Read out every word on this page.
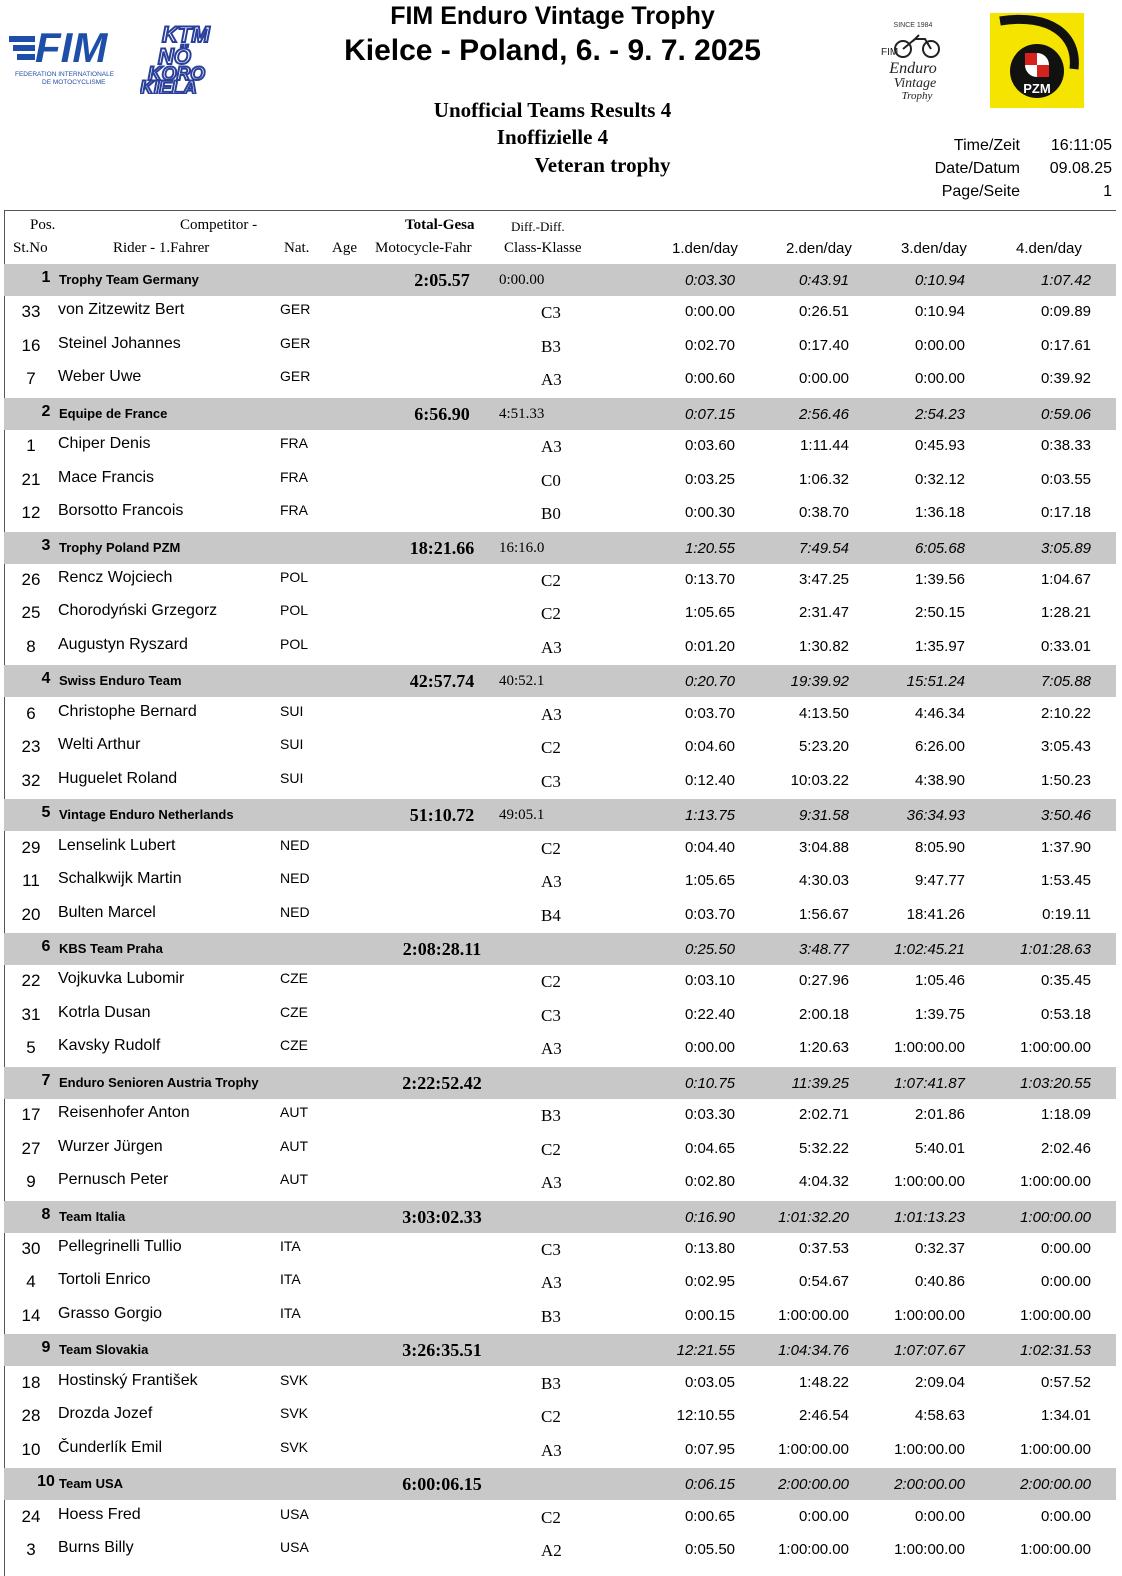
FIM
FEDERATION INTERNATIONALE
DE MOTOCYCLISME
KTM
NÖ
KORO
KIELA
SINCE 1984
FIM
Enduro
Vintage
Trophy	PZM
FIM Enduro Vintage Trophy
Kielce - Poland, 6. - 9. 7. 2025
Unofficial Teams Results 4
Inoffizielle 4
Veteran trophy
Time/Zeit	16:11:05
Date/Datum	09.08.25
Page/Seite	1
Pos.
St.No
Competitor -
Rider - 1.Fahrer	Nat. Age
Total-Gesa
Motocycle-Fahr
Diff.-Diff.
Class-Klasse	1.den/day	2.den/day	3.den/day	4.den/day
1 Trophy Team Germany	2:05.57	0:00.00	0:03.30	0:43.91	0:10.94	1:07.42
33	von Zitzewitz Bert	GER	C3	0:00.00	0:26.51	0:10.94	0:09.89
16	Steinel Johannes	GER	B3	0:02.70	0:17.40	0:00.00	0:17.61
7	Weber Uwe	GER	A3	0:00.60	0:00.00	0:00.00	0:39.92
2 Equipe de France	6:56.90	4:51.33	0:07.15	2:56.46	2:54.23	0:59.06
1	Chiper Denis	FRA	A3	0:03.60	1:11.44	0:45.93	0:38.33
21	Mace Francis	FRA	C0	0:03.25	1:06.32	0:32.12	0:03.55
12	Borsotto Francois	FRA	B0	0:00.30	0:38.70	1:36.18	0:17.18
3 Trophy Poland PZM	18:21.66	16:16.0	1:20.55	7:49.54	6:05.68	3:05.89
26	Rencz Wojciech	POL	C2	0:13.70	3:47.25	1:39.56	1:04.67
25	Chorodyński Grzegorz	POL	C2	1:05.65	2:31.47	2:50.15	1:28.21
8	Augustyn Ryszard	POL	A3	0:01.20	1:30.82	1:35.97	0:33.01
4 Swiss Enduro Team	42:57.74	40:52.1	0:20.70	19:39.92	15:51.24	7:05.88
6	Christophe Bernard	SUI	A3	0:03.70	4:13.50	4:46.34	2:10.22
23	Welti Arthur	SUI	C2	0:04.60	5:23.20	6:26.00	3:05.43
32	Huguelet Roland	SUI	C3	0:12.40	10:03.22	4:38.90	1:50.23
5 Vintage Enduro Netherlands	51:10.72	49:05.1	1:13.75	9:31.58	36:34.93	3:50.46
29	Lenselink Lubert	NED	C2	0:04.40	3:04.88	8:05.90	1:37.90
11	Schalkwijk Martin	NED	A3	1:05.65	4:30.03	9:47.77	1:53.45
20	Bulten Marcel	NED	B4	0:03.70	1:56.67	18:41.26	0:19.11
6 KBS Team Praha	2:08:28.11	0:25.50	3:48.77	1:02:45.21	1:01:28.63
22	Vojkuvka Lubomir	CZE	C2	0:03.10	0:27.96	1:05.46	0:35.45
31	Kotrla Dusan	CZE	C3	0:22.40	2:00.18	1:39.75	0:53.18
5	Kavsky Rudolf	CZE	A3	0:00.00	1:20.63	1:00:00.00	1:00:00.00
7 Enduro Senioren Austria Trophy	2:22:52.42	0:10.75	11:39.25	1:07:41.87	1:03:20.55
17	Reisenhofer Anton	AUT	B3	0:03.30	2:02.71	2:01.86	1:18.09
27	Wurzer Jürgen	AUT	C2	0:04.65	5:32.22	5:40.01	2:02.46
9	Pernusch Peter	AUT	A3	0:02.80	4:04.32	1:00:00.00	1:00:00.00
8 Team Italia	3:03:02.33	0:16.90	1:01:32.20	1:01:13.23	1:00:00.00
30	Pellegrinelli Tullio	ITA	C3	0:13.80	0:37.53	0:32.37	0:00.00
4	Tortoli Enrico	ITA	A3	0:02.95	0:54.67	0:40.86	0:00.00
14	Grasso Gorgio	ITA	B3	0:00.15	1:00:00.00	1:00:00.00	1:00:00.00
9 Team Slovakia	3:26:35.51	12:21.55	1:04:34.76	1:07:07.67	1:02:31.53
18	Hostinský František	SVK	B3	0:03.05	1:48.22	2:09.04	0:57.52
28	Drozda Jozef	SVK	C2	12:10.55	2:46.54	4:58.63	1:34.01
10	Čunderlík Emil	SVK	A3	0:07.95	1:00:00.00	1:00:00.00	1:00:00.00
10 Team USA	6:00:06.15	0:06.15	2:00:00.00	2:00:00.00	2:00:00.00
24	Hoess Fred	USA	C2	0:00.65	0:00.00	0:00.00	0:00.00
3	Burns Billy	USA	A2	0:05.50	1:00:00.00	1:00:00.00	1:00:00.00
